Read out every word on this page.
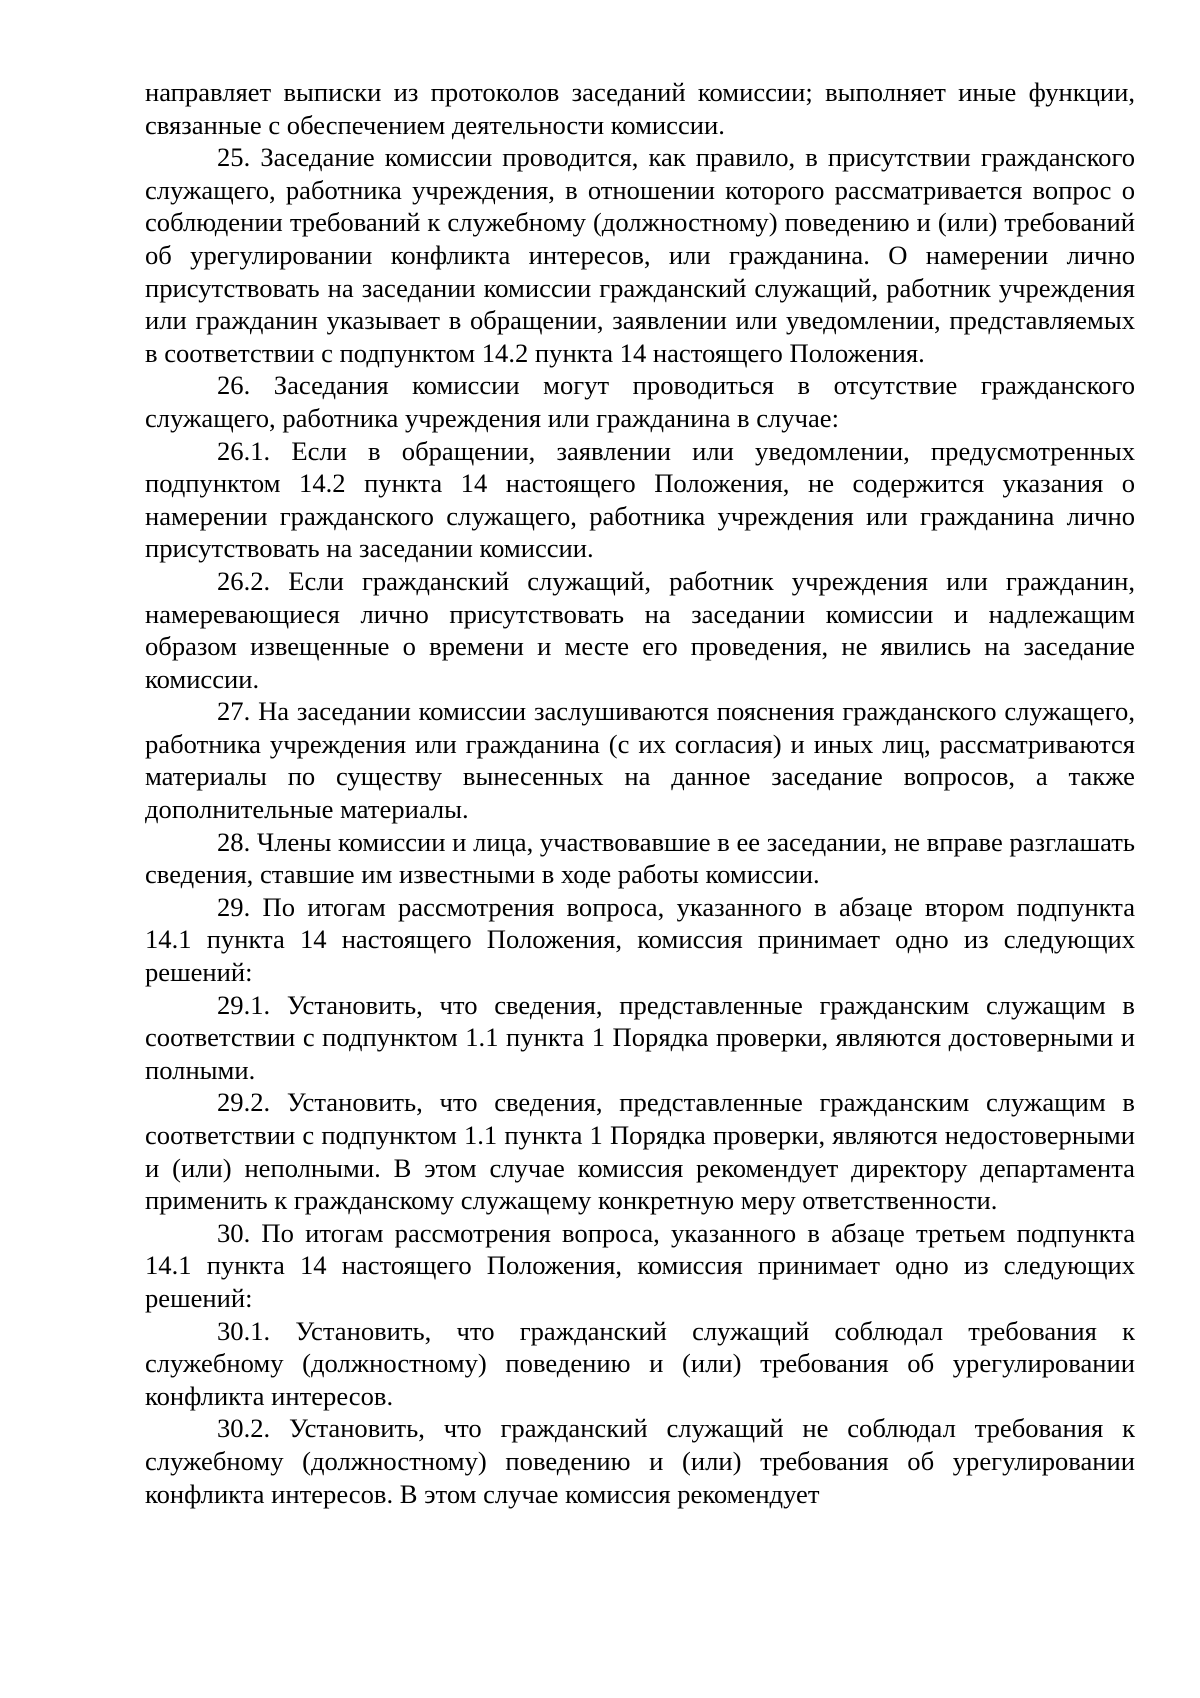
направляет выписки из протоколов заседаний комиссии; выполняет иные функции, связанные с обеспечением деятельности комиссии.

25. Заседание комиссии проводится, как правило, в присутствии гражданского служащего, работника учреждения, в отношении которого рассматривается вопрос о соблюдении требований к служебному (должностному) поведению и (или) требований об урегулировании конфликта интересов, или гражданина. О намерении лично присутствовать на заседании комиссии гражданский служащий, работник учреждения или гражданин указывает в обращении, заявлении или уведомлении, представляемых в соответствии с подпунктом 14.2 пункта 14 настоящего Положения.

26. Заседания комиссии могут проводиться в отсутствие гражданского служащего, работника учреждения или гражданина в случае:

26.1. Если в обращении, заявлении или уведомлении, предусмотренных подпунктом 14.2 пункта 14 настоящего Положения, не содержится указания о намерении гражданского служащего, работника учреждения или гражданина лично присутствовать на заседании комиссии.

26.2. Если гражданский служащий, работник учреждения или гражданин, намеревающиеся лично присутствовать на заседании комиссии и надлежащим образом извещенные о времени и месте его проведения, не явились на заседание комиссии.

27. На заседании комиссии заслушиваются пояснения гражданского служащего, работника учреждения или гражданина (с их согласия) и иных лиц, рассматриваются материалы по существу вынесенных на данное заседание вопросов, а также дополнительные материалы.

28. Члены комиссии и лица, участвовавшие в ее заседании, не вправе разглашать сведения, ставшие им известными в ходе работы комиссии.

29. По итогам рассмотрения вопроса, указанного в абзаце втором подпункта 14.1 пункта 14 настоящего Положения, комиссия принимает одно из следующих решений:

29.1. Установить, что сведения, представленные гражданским служащим в соответствии с подпунктом 1.1 пункта 1 Порядка проверки, являются достоверными и полными.

29.2. Установить, что сведения, представленные гражданским служащим в соответствии с подпунктом 1.1 пункта 1 Порядка проверки, являются недостоверными и (или) неполными. В этом случае комиссия рекомендует директору департамента применить к гражданскому служащему конкретную меру ответственности.

30. По итогам рассмотрения вопроса, указанного в абзаце третьем подпункта 14.1 пункта 14 настоящего Положения, комиссия принимает одно из следующих решений:

30.1. Установить, что гражданский служащий соблюдал требования к служебному (должностному) поведению и (или) требования об урегулировании конфликта интересов.

30.2. Установить, что гражданский служащий не соблюдал требования к служебному (должностному) поведению и (или) требования об урегулировании конфликта интересов. В этом случае комиссия рекомендует
